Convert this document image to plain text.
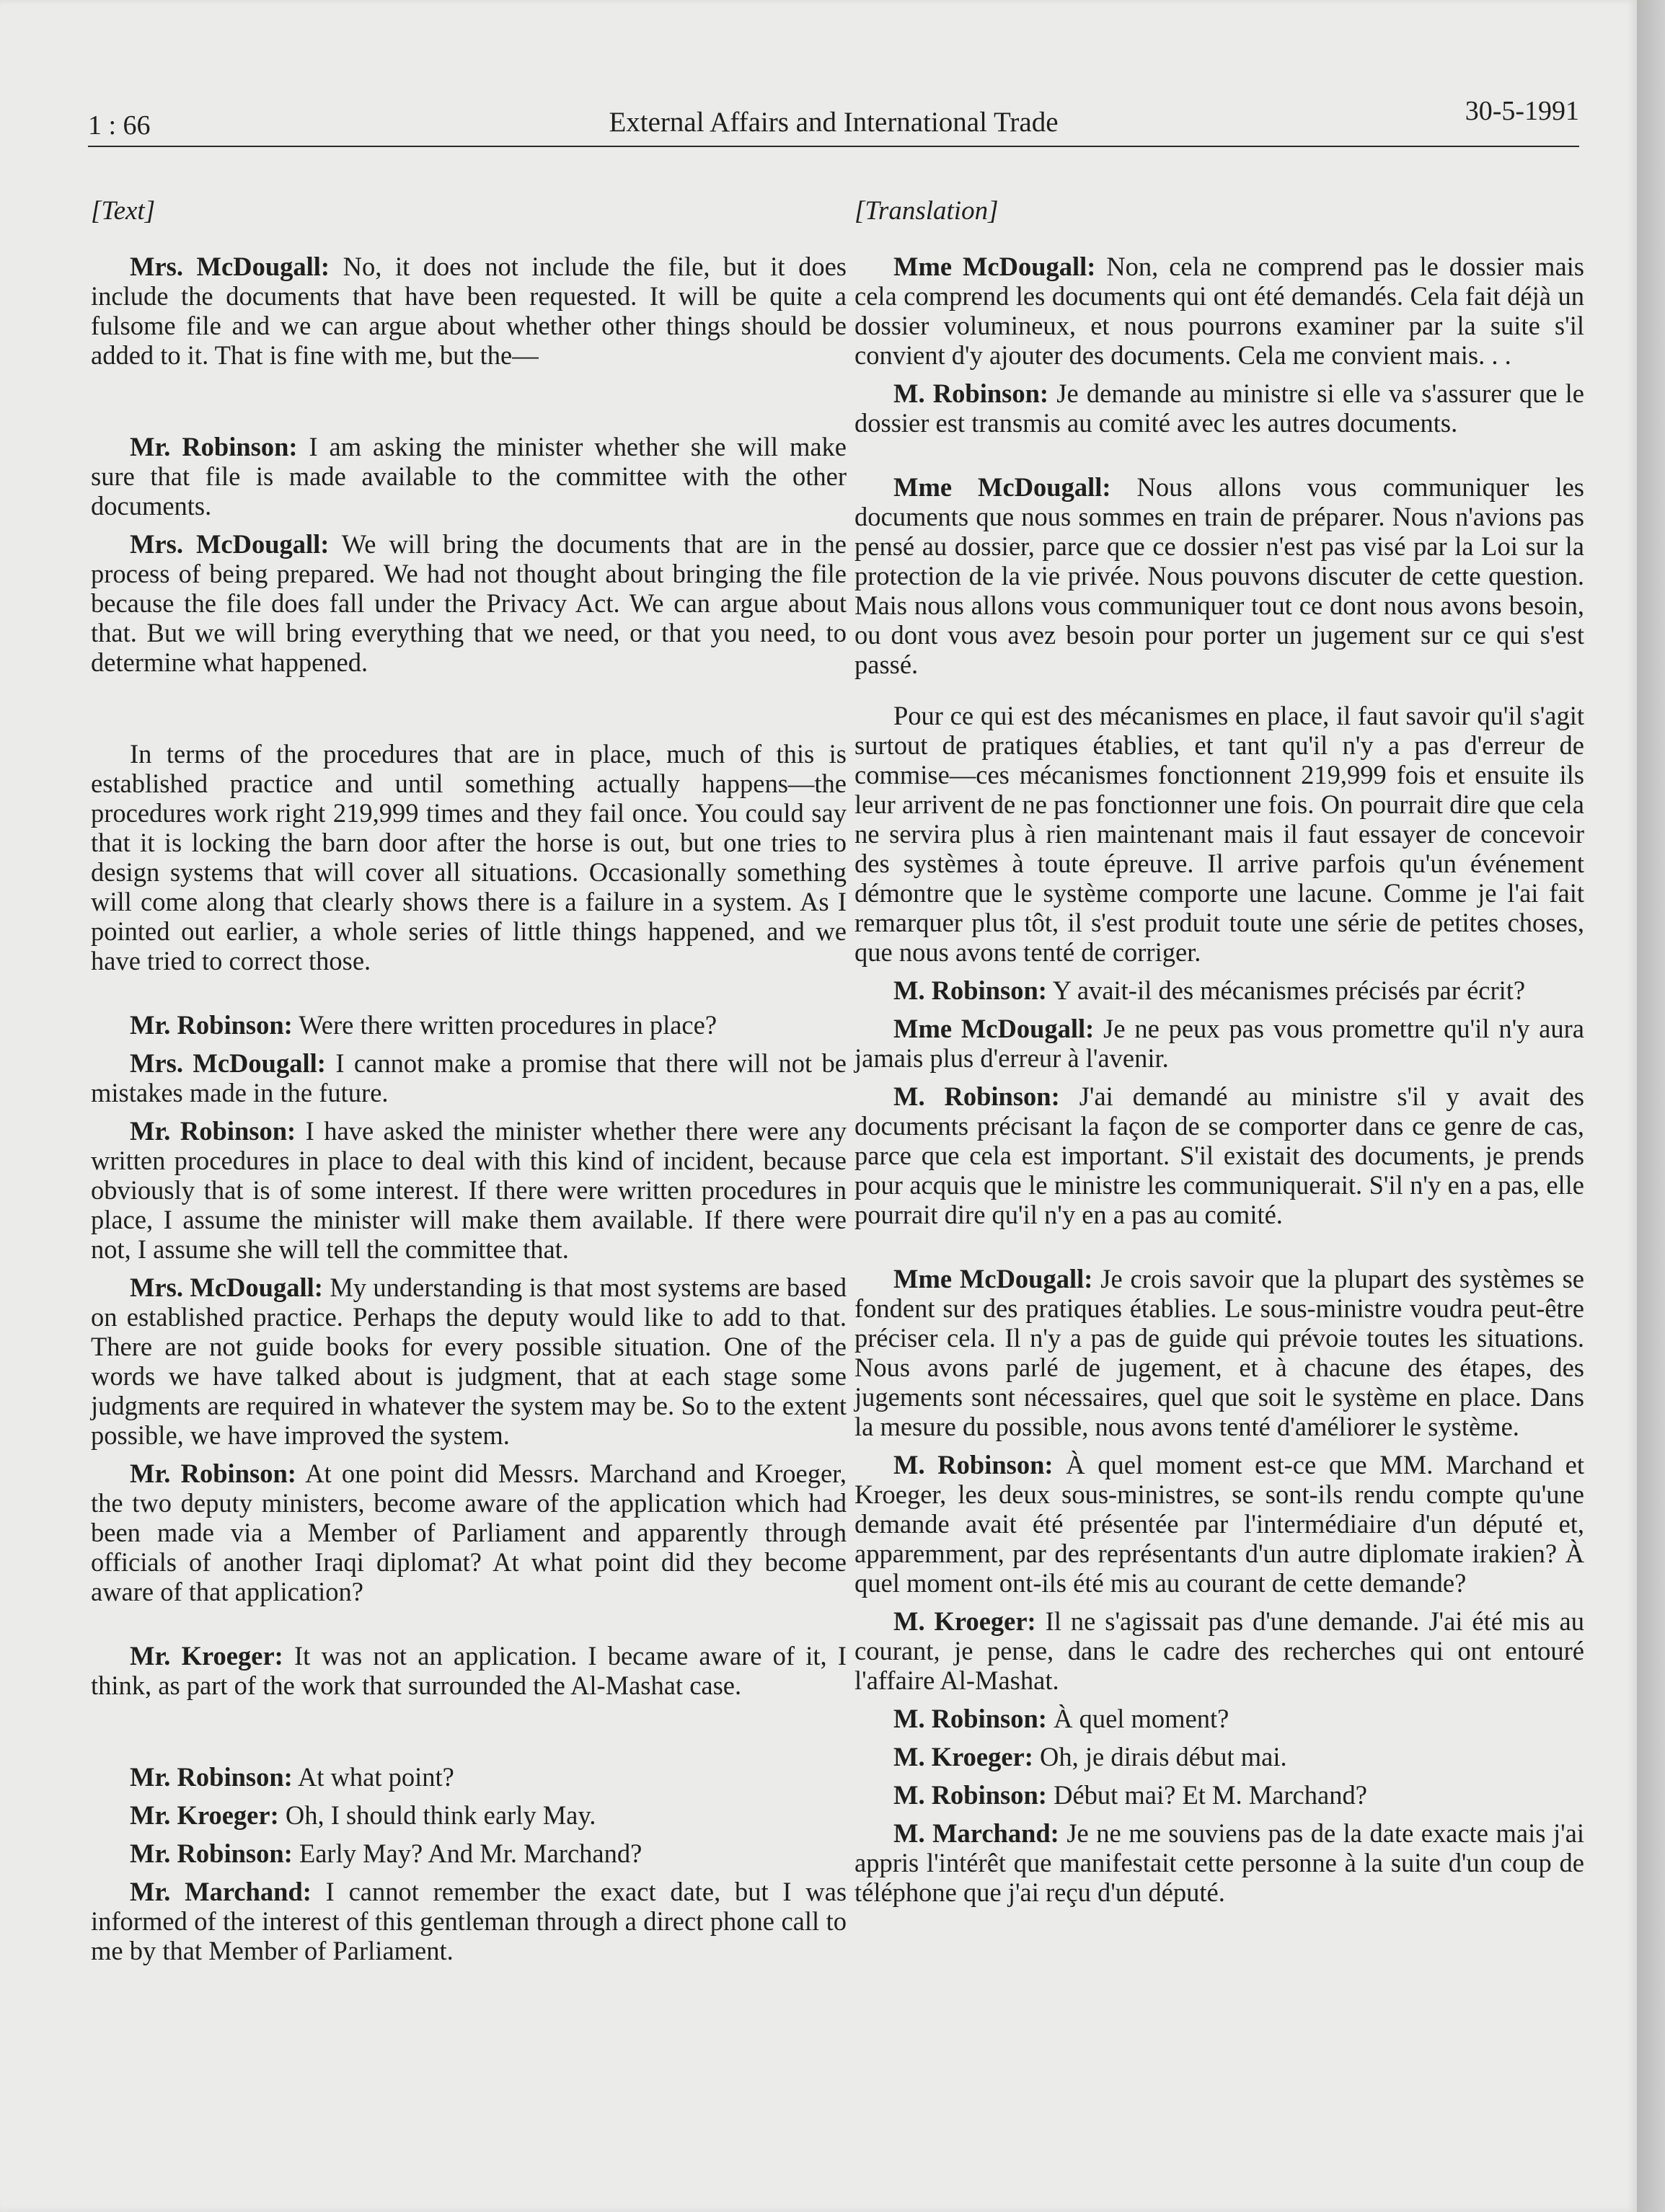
1 : 66	External Affairs and International Trade	30-5-1991
[Text]

Mrs. McDougall: No, it does not include the file, but it does include the documents that have been requested. It will be quite a fulsome file and we can argue about whether other things should be added to it. That is fine with me, but the—

Mr. Robinson: I am asking the minister whether she will make sure that file is made available to the committee with the other documents.

Mrs. McDougall: We will bring the documents that are in the process of being prepared. We had not thought about bringing the file because the file does fall under the Privacy Act. We can argue about that. But we will bring everything that we need, or that you need, to determine what happened.

In terms of the procedures that are in place, much of this is established practice and until something actually happens—the procedures work right 219,999 times and they fail once. You could say that it is locking the barn door after the horse is out, but one tries to design systems that will cover all situations. Occasionally something will come along that clearly shows there is a failure in a system. As I pointed out earlier, a whole series of little things happened, and we have tried to correct those.

Mr. Robinson: Were there written procedures in place?

Mrs. McDougall: I cannot make a promise that there will not be mistakes made in the future.

Mr. Robinson: I have asked the minister whether there were any written procedures in place to deal with this kind of incident, because obviously that is of some interest. If there were written procedures in place, I assume the minister will make them available. If there were not, I assume she will tell the committee that.

Mrs. McDougall: My understanding is that most systems are based on established practice. Perhaps the deputy would like to add to that. There are not guide books for every possible situation. One of the words we have talked about is judgment, that at each stage some judgments are required in whatever the system may be. So to the extent possible, we have improved the system.

Mr. Robinson: At one point did Messrs. Marchand and Kroeger, the two deputy ministers, become aware of the application which had been made via a Member of Parliament and apparently through officials of another Iraqi diplomat? At what point did they become aware of that application?

Mr. Kroeger: It was not an application. I became aware of it, I think, as part of the work that surrounded the Al-Mashat case.

Mr. Robinson: At what point?

Mr. Kroeger: Oh, I should think early May.

Mr. Robinson: Early May? And Mr. Marchand?

Mr. Marchand: I cannot remember the exact date, but I was informed of the interest of this gentleman through a direct phone call to me by that Member of Parliament.

[Translation]

Mme McDougall: Non, cela ne comprend pas le dossier mais cela comprend les documents qui ont été demandés. Cela fait déjà un dossier volumineux, et nous pourrons examiner par la suite s'il convient d'y ajouter des documents. Cela me convient mais. . .

M. Robinson: Je demande au ministre si elle va s'assurer que le dossier est transmis au comité avec les autres documents.

Mme McDougall: Nous allons vous communiquer les documents que nous sommes en train de préparer. Nous n'avions pas pensé au dossier, parce que ce dossier n'est pas visé par la Loi sur la protection de la vie privée. Nous pouvons discuter de cette question. Mais nous allons vous communiquer tout ce dont nous avons besoin, ou dont vous avez besoin pour porter un jugement sur ce qui s'est passé.

Pour ce qui est des mécanismes en place, il faut savoir qu'il s'agit surtout de pratiques établies, et tant qu'il n'y a pas d'erreur de commise—ces mécanismes fonctionnent 219,999 fois et ensuite ils leur arrivent de ne pas fonctionner une fois. On pourrait dire que cela ne servira plus à rien maintenant mais il faut essayer de concevoir des systèmes à toute épreuve. Il arrive parfois qu'un événement démontre que le système comporte une lacune. Comme je l'ai fait remarquer plus tôt, il s'est produit toute une série de petites choses, que nous avons tenté de corriger.

M. Robinson: Y avait-il des mécanismes précisés par écrit?

Mme McDougall: Je ne peux pas vous promettre qu'il n'y aura jamais plus d'erreur à l'avenir.

M. Robinson: J'ai demandé au ministre s'il y avait des documents précisant la façon de se comporter dans ce genre de cas, parce que cela est important. S'il existait des documents, je prends pour acquis que le ministre les communiquerait. S'il n'y en a pas, elle pourrait dire qu'il n'y en a pas au comité.

Mme McDougall: Je crois savoir que la plupart des systèmes se fondent sur des pratiques établies. Le sous-ministre voudra peut-être préciser cela. Il n'y a pas de guide qui prévoie toutes les situations. Nous avons parlé de jugement, et à chacune des étapes, des jugements sont nécessaires, quel que soit le système en place. Dans la mesure du possible, nous avons tenté d'améliorer le système.

M. Robinson: À quel moment est-ce que MM. Marchand et Kroeger, les deux sous-ministres, se sont-ils rendu compte qu'une demande avait été présentée par l'intermédiaire d'un député et, apparemment, par des représentants d'un autre diplomate irakien? À quel moment ont-ils été mis au courant de cette demande?

M. Kroeger: Il ne s'agissait pas d'une demande. J'ai été mis au courant, je pense, dans le cadre des recherches qui ont entouré l'affaire Al-Mashat.

M. Robinson: À quel moment?

M. Kroeger: Oh, je dirais début mai.

M. Robinson: Début mai? Et M. Marchand?

M. Marchand: Je ne me souviens pas de la date exacte mais j'ai appris l'intérêt que manifestait cette personne à la suite d'un coup de téléphone que j'ai reçu d'un député.
